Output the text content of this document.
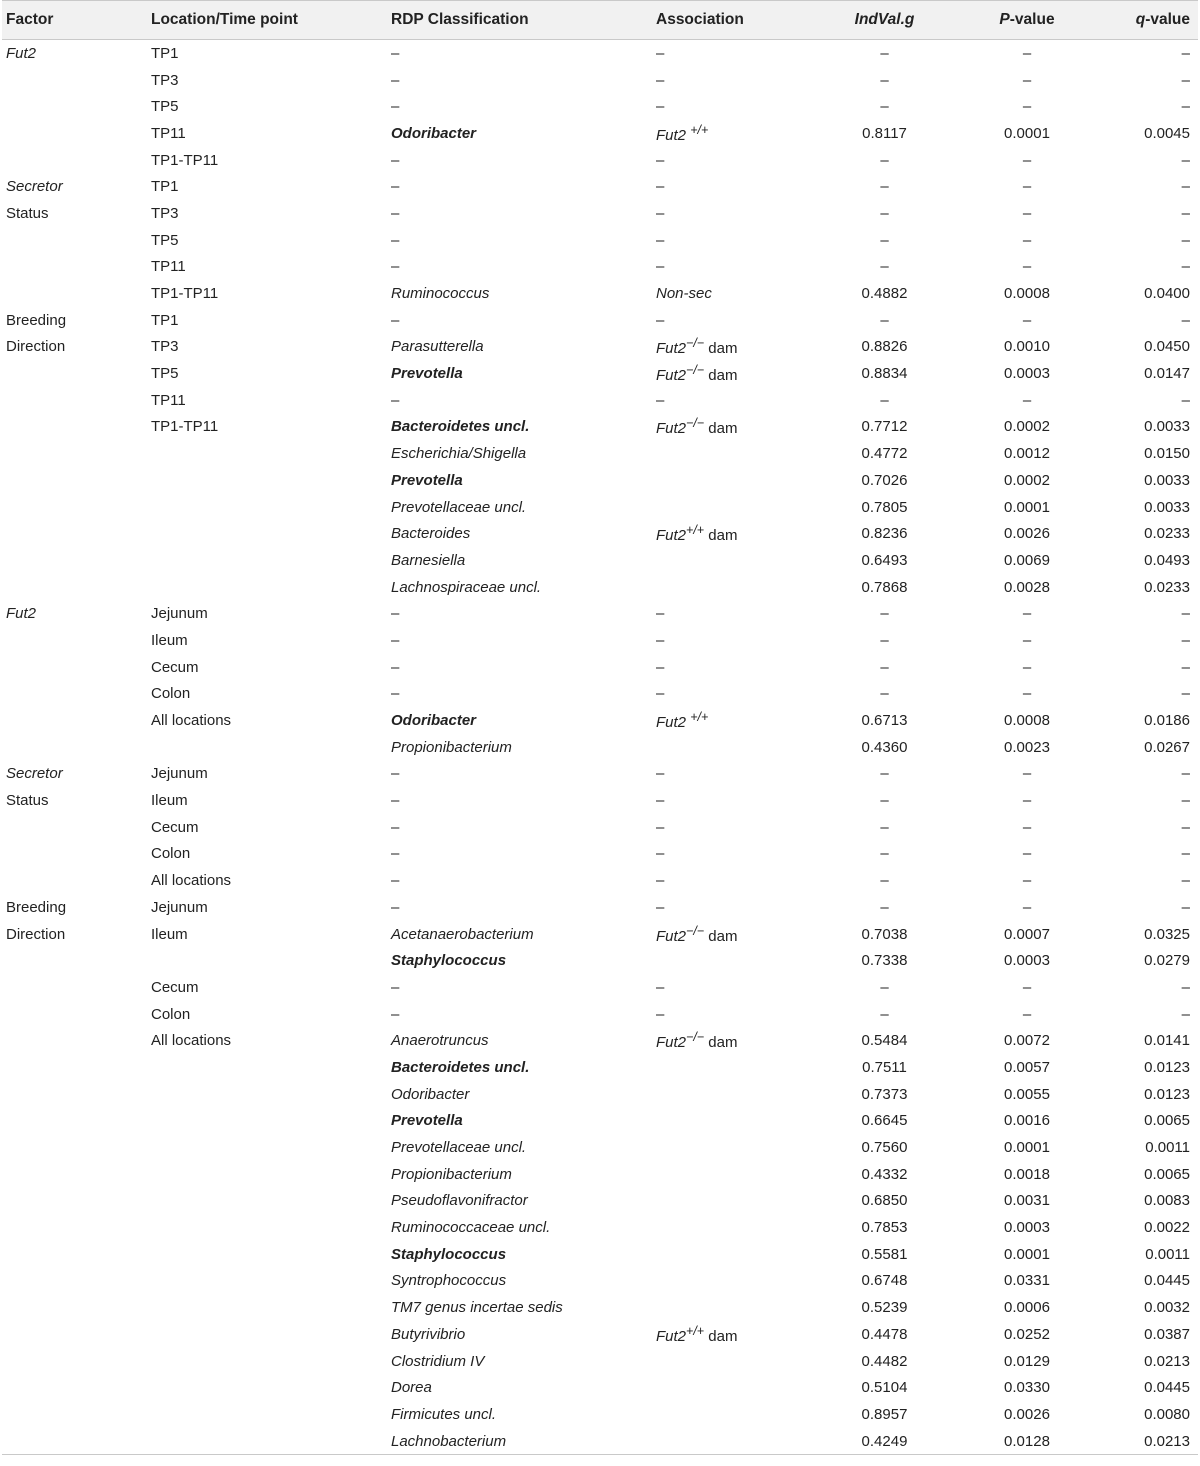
Factor	Location/Time point	RDP Classification	Association	IndVal.g	P-value	q-value
Fut2	TP1	–	–	–	–	–
	TP3	–	–	–	–	–
	TP5	–	–	–	–	–
	TP11	Odoribacter	Fut2 +/+	0.8117	0.0001	0.0045
	TP1-TP11	–	–	–	–	–
Secretor	TP1	–	–	–	–	–
Status	TP3	–	–	–	–	–
	TP5	–	–	–	–	–
	TP11	–	–	–	–	–
	TP1-TP11	Ruminococcus	Non-sec	0.4882	0.0008	0.0400
Breeding	TP1	–	–	–	–	–
Direction	TP3	Parasutterella	Fut2−/− dam	0.8826	0.0010	0.0450
	TP5	Prevotella	Fut2−/− dam	0.8834	0.0003	0.0147
	TP11	–	–	–	–	–
	TP1-TP11	Bacteroidetes uncl.	Fut2−/− dam	0.7712	0.0002	0.0033
		Escherichia/Shigella		0.4772	0.0012	0.0150
		Prevotella		0.7026	0.0002	0.0033
		Prevotellaceae uncl.		0.7805	0.0001	0.0033
		Bacteroides	Fut2+/+ dam	0.8236	0.0026	0.0233
		Barnesiella		0.6493	0.0069	0.0493
		Lachnospiraceae uncl.		0.7868	0.0028	0.0233
Fut2	Jejunum	–	–	–	–	–
	Ileum	–	–	–	–	–
	Cecum	–	–	–	–	–
	Colon	–	–	–	–	–
	All locations	Odoribacter	Fut2 +/+	0.6713	0.0008	0.0186
		Propionibacterium		0.4360	0.0023	0.0267
Secretor	Jejunum	–	–	–	–	–
Status	Ileum	–	–	–	–	–
	Cecum	–	–	–	–	–
	Colon	–	–	–	–	–
	All locations	–	–	–	–	–
Breeding	Jejunum	–	–	–	–	–
Direction	Ileum	Acetanaerobacterium	Fut2−/− dam	0.7038	0.0007	0.0325
		Staphylococcus		0.7338	0.0003	0.0279
	Cecum	–	–	–	–	–
	Colon	–	–	–	–	–
	All locations	Anaerotruncus	Fut2−/− dam	0.5484	0.0072	0.0141
		Bacteroidetes uncl.		0.7511	0.0057	0.0123
		Odoribacter		0.7373	0.0055	0.0123
		Prevotella		0.6645	0.0016	0.0065
		Prevotellaceae uncl.		0.7560	0.0001	0.0011
		Propionibacterium		0.4332	0.0018	0.0065
		Pseudoflavonifractor		0.6850	0.0031	0.0083
		Ruminococcaceae uncl.		0.7853	0.0003	0.0022
		Staphylococcus		0.5581	0.0001	0.0011
		Syntrophococcus		0.6748	0.0331	0.0445
		TM7 genus incertae sedis		0.5239	0.0006	0.0032
		Butyrivibrio	Fut2+/+ dam	0.4478	0.0252	0.0387
		Clostridium IV		0.4482	0.0129	0.0213
		Dorea		0.5104	0.0330	0.0445
		Firmicutes uncl.		0.8957	0.0026	0.0080
		Lachnobacterium		0.4249	0.0128	0.0213
